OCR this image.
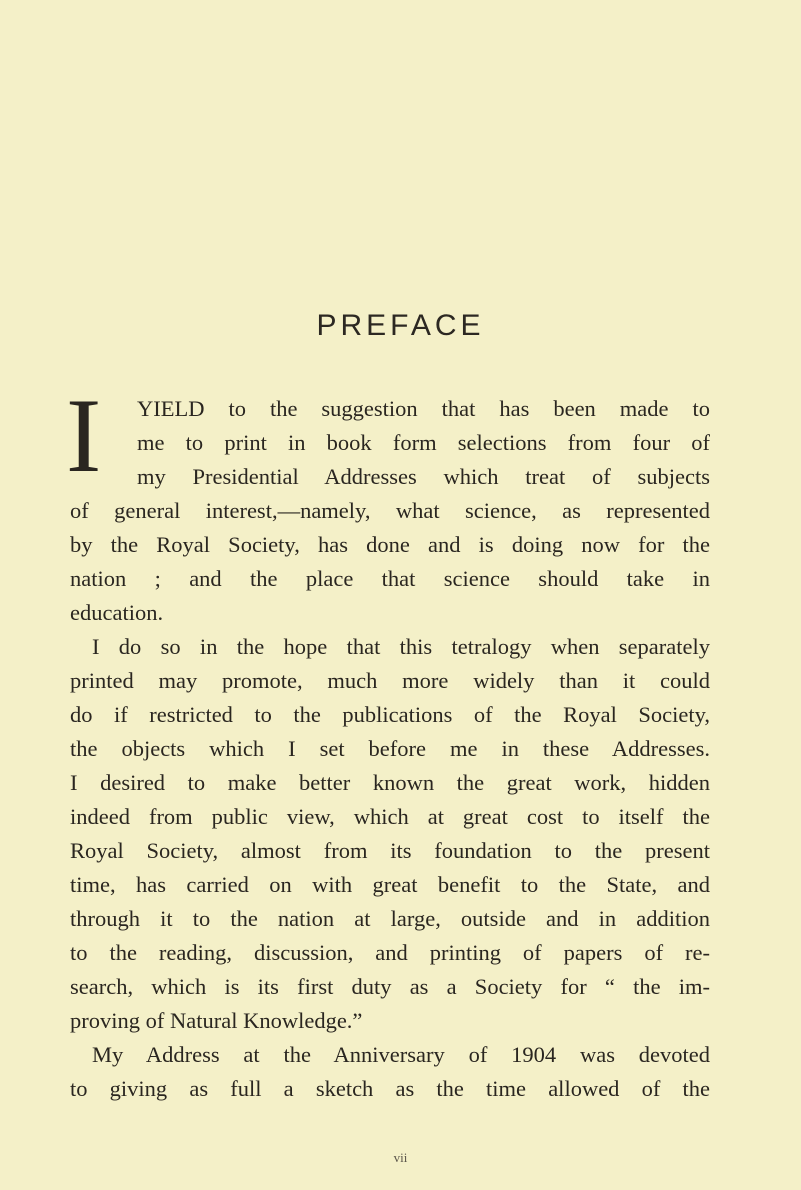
PREFACE
I YIELD to the suggestion that has been made to
me to print in book form selections from four of
my Presidential Addresses which treat of subjects
of general interest,—namely, what science, as represented
by the Royal Society, has done and is doing now for the
nation ; and the place that science should take in
education.
I do so in the hope that this tetralogy when separately
printed may promote, much more widely than it could
do if restricted to the publications of the Royal Society,
the objects which I set before me in these Addresses.
I desired to make better known the great work, hidden
indeed from public view, which at great cost to itself the
Royal Society, almost from its foundation to the present
time, has carried on with great benefit to the State, and
through it to the nation at large, outside and in addition
to the reading, discussion, and printing of papers of re-
search, which is its first duty as a Society for “ the im-
proving of Natural Knowledge.”
My Address at the Anniversary of 1904 was devoted
to giving as full a sketch as the time allowed of the
vii
